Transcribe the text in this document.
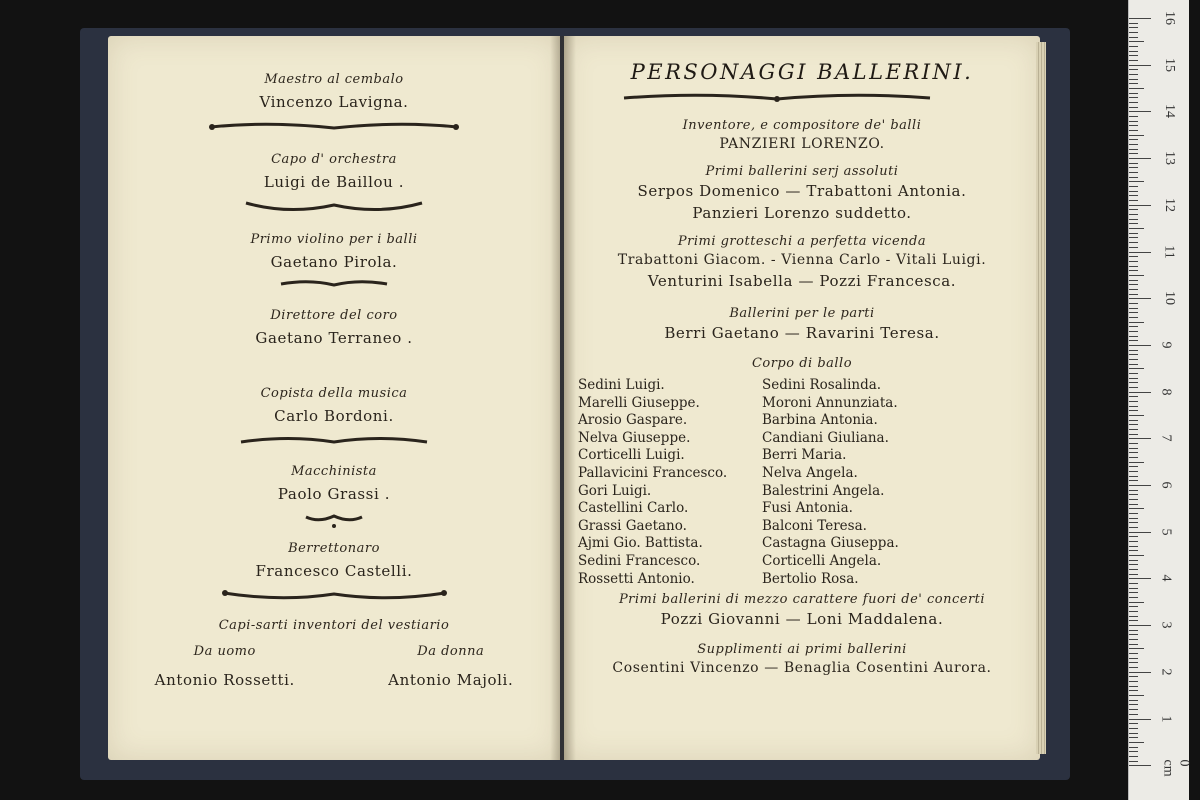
Maestro al cembalo
Vincenzo Lavigna.
Capo d' orchestra
Luigi de Baillou .
Primo violino per i balli
Gaetano Pirola.
Direttore del coro
Gaetano Terraneo .
Copista della musica
Carlo Bordoni.
Macchinista
Paolo Grassi .
Berrettonaro
Francesco Castelli.
Capi-sarti inventori del vestiario
Da uomo
Antonio Rossetti.
Da donna
Antonio Majoli.
PERSONAGGI BALLERINI.
Inventore, e compositore de' balli
PANZIERI LORENZO.
Primi ballerini serj assoluti
Serpos Domenico — Trabattoni Antonia.
Panzieri Lorenzo suddetto.
Primi grotteschi a perfetta vicenda
Trabattoni Giacom. - Vienna Carlo - Vitali Luigi.
Venturini Isabella — Pozzi Francesca.
Ballerini per le parti
Berri Gaetano — Ravarini Teresa.
Corpo di ballo
Sedini Luigi.
Marelli Giuseppe.
Arosio Gaspare.
Nelva Giuseppe.
Corticelli Luigi.
Pallavicini Francesco.
Gori Luigi.
Castellini Carlo.
Grassi Gaetano.
Ajmi Gio. Battista.
Sedini Francesco.
Rossetti Antonio.
Sedini Rosalinda.
Moroni Annunziata.
Barbina Antonia.
Candiani Giuliana.
Berri Maria.
Nelva Angela.
Balestrini Angela.
Fusi Antonia.
Balconi Teresa.
Castagna Giuseppa.
Corticelli Angela.
Bertolio Rosa.
Primi ballerini di mezzo carattere fuori de' concerti
Pozzi Giovanni — Loni Maddalena.
Supplimenti ai primi ballerini
Cosentini Vincenzo — Benaglia Cosentini Aurora.
16
15
14
13
12
11
10
9
8
7
6
5
4
3
2
1
0 cm
